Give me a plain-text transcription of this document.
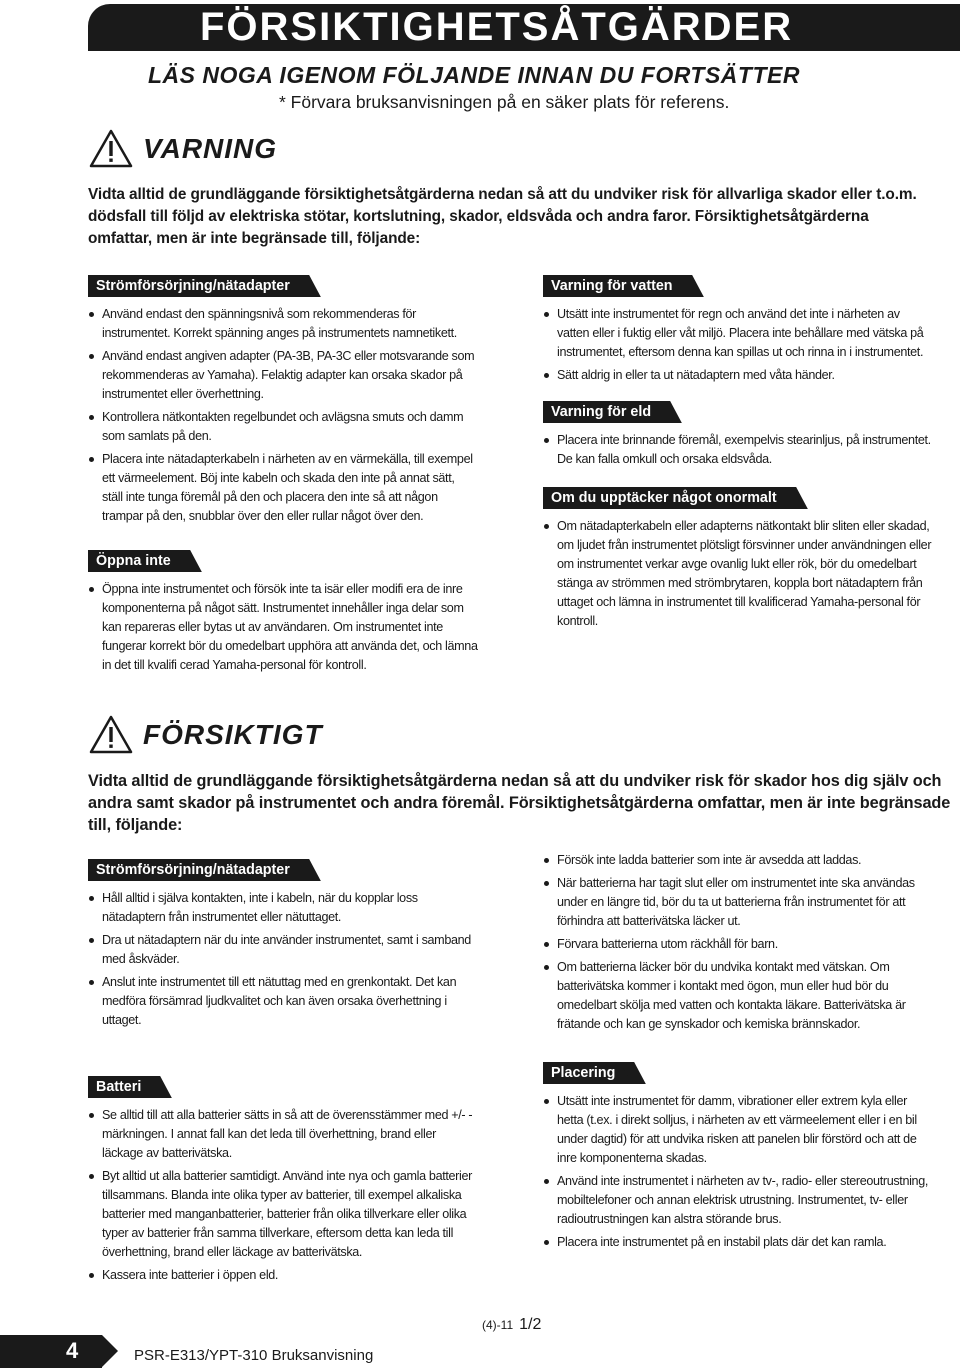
FÖRSIKTIGHETSÅTGÄRDER
LÄS NOGA IGENOM FÖLJANDE INNAN DU FORTSÄTTER
* Förvara bruksanvisningen på en säker plats för referens.
VARNING

Vidta alltid de grundläggande försiktighetsåtgärderna nedan så att du undviker risk för allvarliga skador eller t.o.m.

dödsfall till följd av elektriska stötar, kortslutning, skador, eldsvåda och andra faror. Försiktighetsåtgärderna

omfattar, men är inte begränsade till, följande:

Strömförsörjning/nätadapter
Använd endast den spänningsnivå som rekommenderas för instrumentet. Korrekt spänning anges på instrumentets namnetikett.
Använd endast angiven adapter (PA-3B, PA-3C eller motsvarande som rekommenderas av Yamaha). Felaktig adapter kan orsaka skador på instrumentet eller överhettning.
Kontrollera nätkontakten regelbundet och avlägsna smuts och damm som samlats på den.
Placera inte nätadapterkabeln i närheten av en värmekälla, till exempel ett värmeelement. Böj inte kabeln och skada den inte på annat sätt, ställ inte tunga föremål på den och placera den inte så att någon trampar på den, snubblar över den eller rullar något över den.
Öppna inte
Öppna inte instrumentet och försök inte ta isär eller modifi era de inre komponenterna på något sätt. Instrumentet innehåller inga delar som kan repareras eller bytas ut av användaren. Om instrumentet inte fungerar korrekt bör du omedelbart upphöra att använda det, och lämna in det till kvalifi cerad Yamaha-personal för kontroll.
Varning för vatten
Utsätt inte instrumentet för regn och använd det inte i närheten av vatten eller i fuktig eller våt miljö. Placera inte behållare med vätska på instrumentet, eftersom denna kan spillas ut och rinna in i instrumentet.
Sätt aldrig in eller ta ut nätadaptern med våta händer.
Varning för eld
Placera inte brinnande föremål, exempelvis stearinljus, på instrumentet. De kan falla omkull och orsaka eldsvåda.
Om du upptäcker något onormalt
Om nätadapterkabeln eller adapterns nätkontakt blir sliten eller skadad, om ljudet från instrumentet plötsligt försvinner under användningen eller om instrumentet verkar avge ovanlig lukt eller rök, bör du omedelbart stänga av strömmen med strömbrytaren, koppla bort nätadaptern från uttaget och lämna in instrumentet till kvalificerad Yamaha-personal för kontroll.
FÖRSIKTIGT

Vidta alltid de grundläggande försiktighetsåtgärderna nedan så att du undviker risk för skador hos dig själv och

andra samt skador på instrumentet och andra föremål. Försiktighetsåtgärderna omfattar, men är inte begränsade

till, följande:

Strömförsörjning/nätadapter
Håll alltid i själva kontakten, inte i kabeln, när du kopplar loss nätadaptern från instrumentet eller nätuttaget.
Dra ut nätadaptern när du inte använder instrumentet, samt i samband med åskväder.
Anslut inte instrumentet till ett nätuttag med en grenkontakt. Det kan medföra försämrad ljudkvalitet och kan även orsaka överhettning i uttaget.
Batteri
Se alltid till att alla batterier sätts in så att de överensstämmer med +/- -märkningen. I annat fall kan det leda till överhettning, brand eller läckage av batterivätska.
Byt alltid ut alla batterier samtidigt. Använd inte nya och gamla batterier tillsammans. Blanda inte olika typer av batterier, till exempel alkaliska batterier med manganbatterier, batterier från olika tillverkare eller olika typer av batterier från samma tillverkare, eftersom detta kan leda till överhettning, brand eller läckage av batterivätska.
Kassera inte batterier i öppen eld.
Försök inte ladda batterier som inte är avsedda att laddas.
När batterierna har tagit slut eller om instrumentet inte ska användas under en längre tid, bör du ta ut batterierna från instrumentet för att förhindra att batterivätska läcker ut.
Förvara batterierna utom räckhåll för barn.
Om batterierna läcker bör du undvika kontakt med vätskan. Om batterivätska kommer i kontakt med ögon, mun eller hud bör du omedelbart skölja med vatten och kontakta läkare. Batterivätska är frätande och kan ge synskador och kemiska brännskador.
Placering
Utsätt inte instrumentet för damm, vibrationer eller extrem kyla eller hetta (t.ex. i direkt solljus, i närheten av ett värmeelement eller i en bil under dagtid) för att undvika risken att panelen blir förstörd och att de inre komponenterna skadas.
Använd inte instrumentet i närheten av tv-, radio- eller stereoutrustning, mobiltelefoner och annan elektrisk utrustning. Instrumentet, tv- eller radioutrustningen kan alstra störande brus.
Placera inte instrumentet på en instabil plats där det kan ramla.
(4)-11 1/2
4	PSR-E313/YPT-310 Bruksanvisning
